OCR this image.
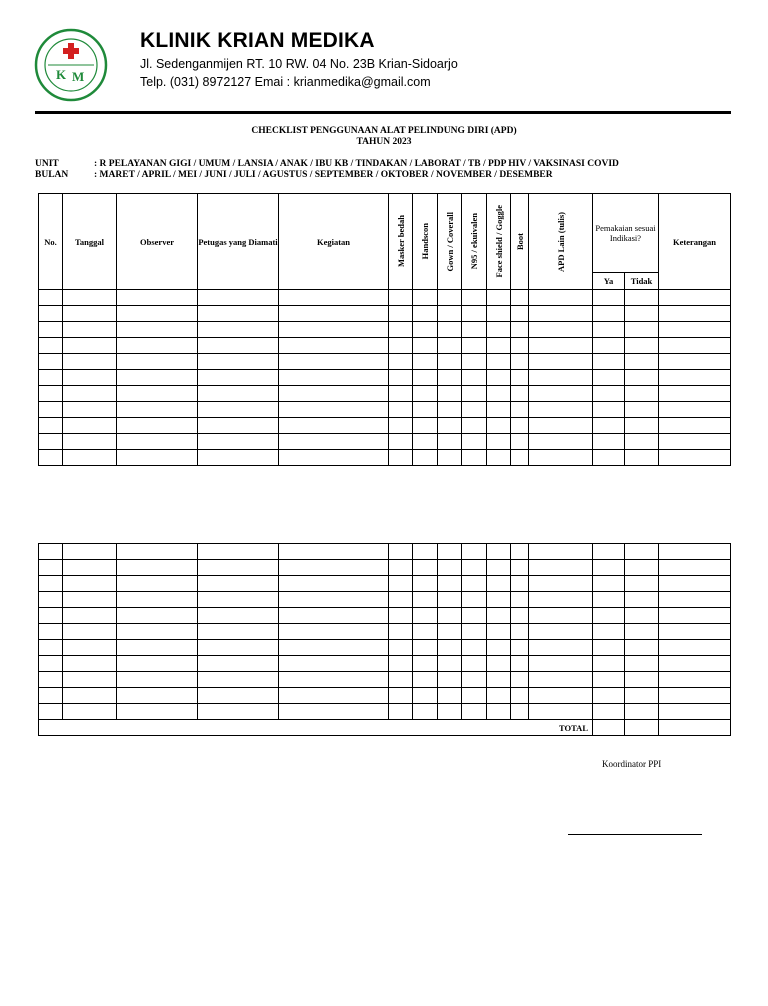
K M
KLINIK KRIAN MEDIKA
Jl. Sedenganmijen RT. 10 RW. 04 No. 23B Krian-Sidoarjo
Telp. (031) 8972127 Emai : krianmedika@gmail.com
CHECKLIST PENGGUNAAN ALAT PELINDUNG DIRI (APD)
TAHUN 2023
UNIT	: R PELAYANAN GIGI / UMUM / LANSIA / ANAK / IBU KB / TINDAKAN / LABORAT / TB / PDP HIV / VAKSINASI COVID
BULAN	: MARET / APRIL / MEI / JUNI / JULI / AGUSTUS / SEPTEMBER / OKTOBER / NOVEMBER / DESEMBER
No.	Tanggal	Observer	Petugas yang Diamati	Kegiatan	Masker bedah	Handscon	Gown / Coverall	N95 / ekuivalen	Face shield / Goggle	Boot	APD Lain (tulis)	Pemakaian sesuai Indikasi?		Keterangan
												Ya	Tidak	

TOTAL														
Koordinator PPI
